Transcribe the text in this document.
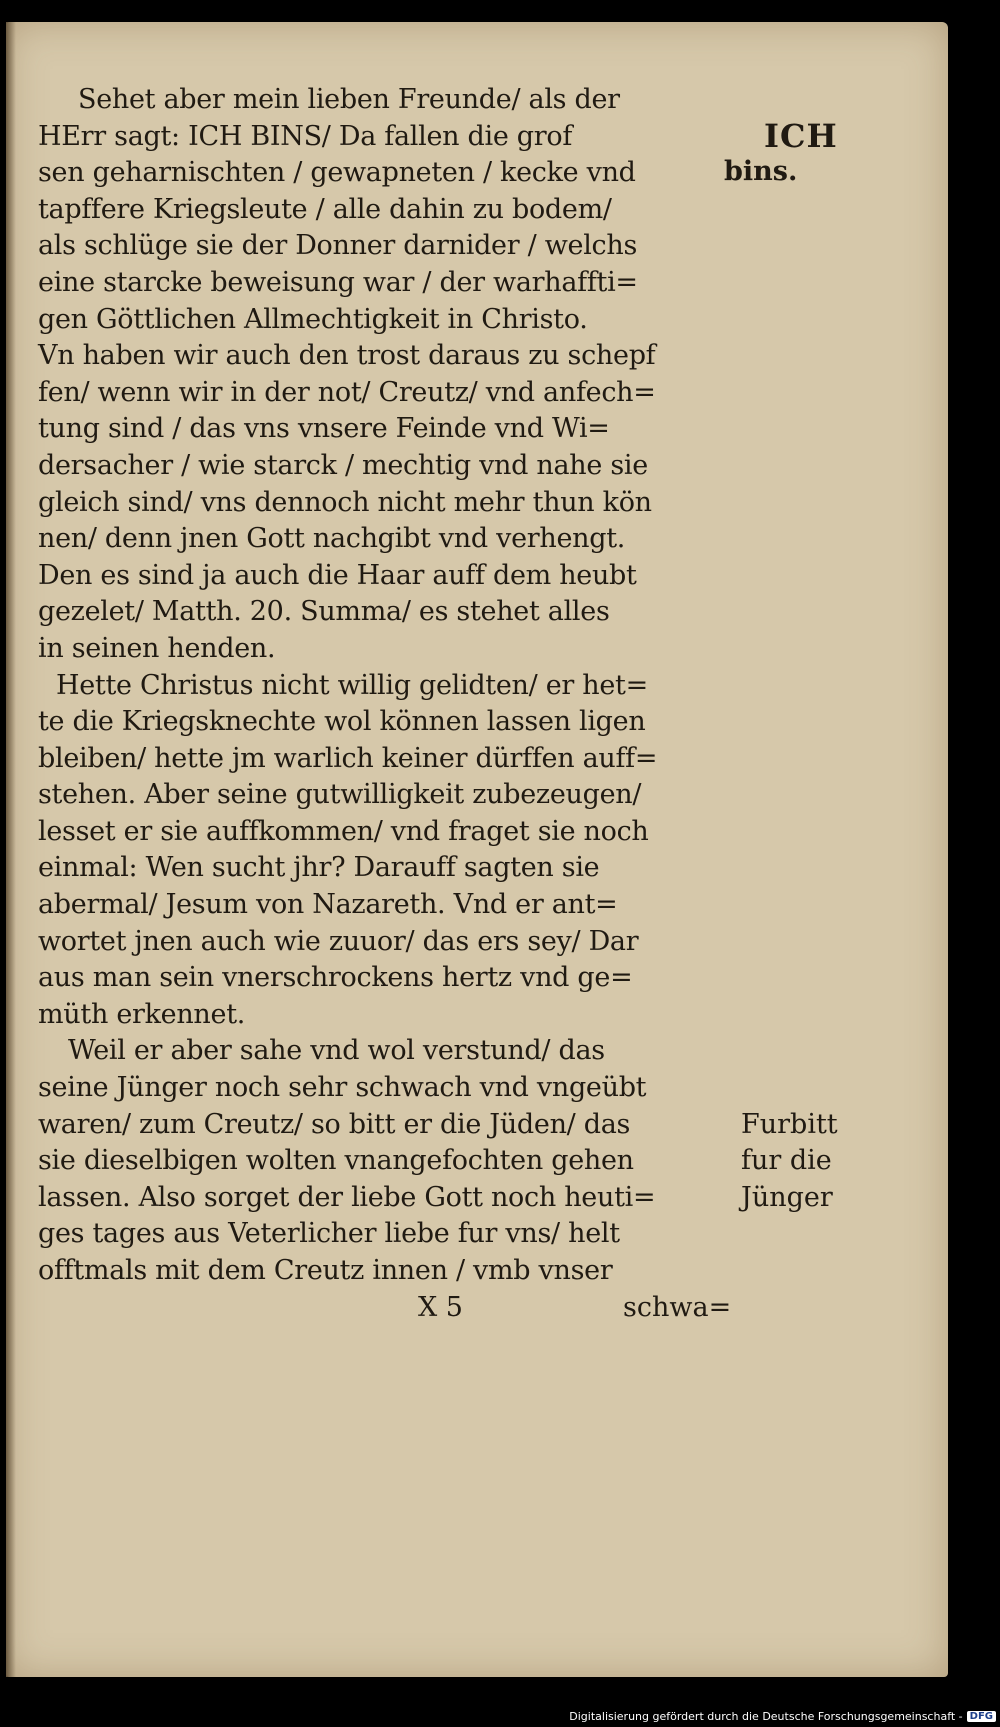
Sehet aber mein lieben Freunde/ als der
HErr sagt: ICH BINS/ Da fallen die grof
sen geharnischten / gewapneten / kecke vnd
tapffere Kriegsleute / alle dahin zu bodem/
als schlüge sie der Donner darnider / welchs
eine starcke beweisung war / der warhaffti=
gen Göttlichen Allmechtigkeit in Christo.
Vn haben wir auch den trost daraus zu schepf
fen/ wenn wir in der not/ Creutz/ vnd anfech=
tung sind / das vns vnsere Feinde vnd Wi=
dersacher / wie starck / mechtig vnd nahe sie
gleich sind/ vns dennoch nicht mehr thun kön
nen/ denn jnen Gott nachgibt vnd verhengt.
Den es sind ja auch die Haar auff dem heubt
gezelet/ Matth. 20. Summa/ es stehet alles
in seinen henden.
Hette Christus nicht willig gelidten/ er het=
te die Kriegsknechte wol können lassen ligen
bleiben/ hette jm warlich keiner dürffen auff=
stehen. Aber seine gutwilligkeit zubezeugen/
lesset er sie auffkommen/ vnd fraget sie noch
einmal: Wen sucht jhr? Darauff sagten sie
abermal/ Jesum von Nazareth. Vnd er ant=
wortet jnen auch wie zuuor/ das ers sey/ Dar
aus man sein vnerschrockens hertz vnd ge=
müth erkennet.
Weil er aber sahe vnd wol verstund/ das
seine Jünger noch sehr schwach vnd vngeübt
waren/ zum Creutz/ so bitt er die Jüden/ das
sie dieselbigen wolten vnangefochten gehen
lassen. Also sorget der liebe Gott noch heuti=
ges tages aus Veterlicher liebe fur vns/ helt
offtmals mit dem Creutz innen / vmb vnser
X 5	schwa=
ICH
bins.
Furbitt
fur die
Jünger
Digitalisierung gefördert durch die Deutsche Forschungsgemeinschaft - DFG
